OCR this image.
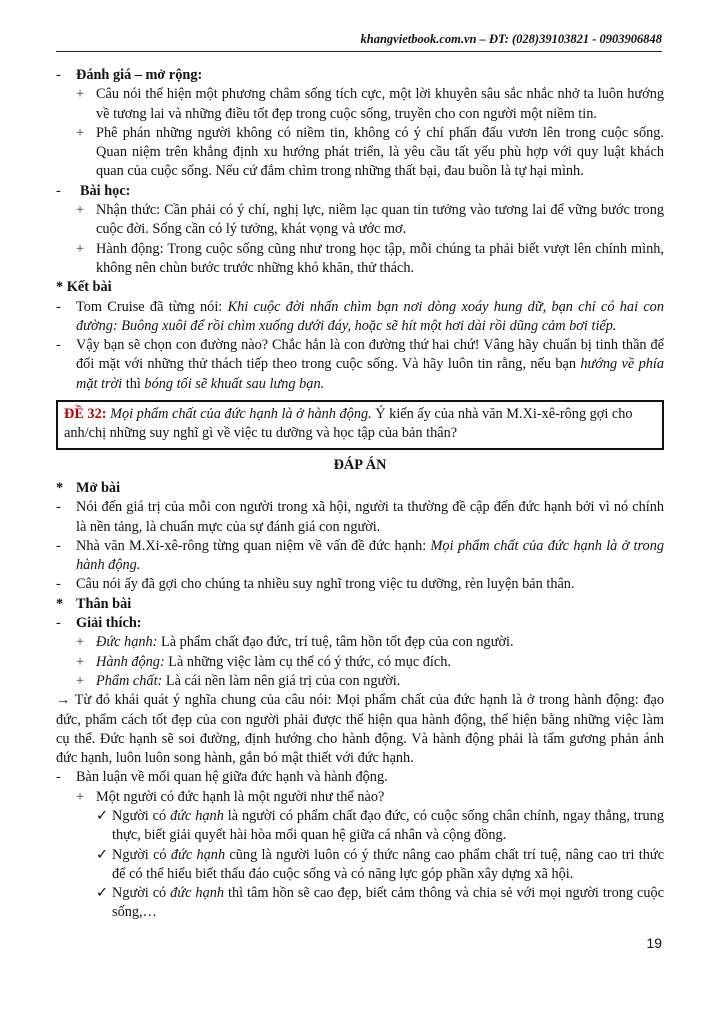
khangvietbook.com.vn – ĐT: (028)39103821 - 0903906848
- Đánh giá – mở rộng:
+ Câu nói thể hiện một phương châm sống tích cực, một lời khuyên sâu sắc nhắc nhở ta luôn hướng về tương lai và những điều tốt đẹp trong cuộc sống, truyền cho con người một niềm tin.
+ Phê phán những người không có niềm tin, không có ý chí phấn đấu vươn lên trong cuộc sống. Quan niệm trên khẳng định xu hướng phát triển, là yêu cầu tất yếu phù hợp với quy luật khách quan của cuộc sống. Nếu cứ đắm chìm trong những thất bại, đau buồn là tự hại mình.
- Bài học:
+ Nhận thức: Cần phải có ý chí, nghị lực, niềm lạc quan tin tưởng vào tương lai để vững bước trong cuộc đời. Sống cần có lý tưởng, khát vọng và ước mơ.
+ Hành động: Trong cuộc sống cũng như trong học tập, mỗi chúng ta phải biết vượt lên chính mình, không nên chùn bước trước những khó khăn, thử thách.
* Kết bài
- Tom Cruise đã từng nói: Khi cuộc đời nhấn chìm bạn nơi dòng xoáy hung dữ, bạn chỉ có hai con đường: Buông xuôi để rồi chìm xuống dưới đáy, hoặc sẽ hít một hơi dài rồi dũng cảm bơi tiếp.
- Vậy bạn sẽ chọn con đường nào? Chắc hẳn là con đường thứ hai chứ! Vâng hãy chuẩn bị tinh thần để đối mặt với những thử thách tiếp theo trong cuộc sống. Và hãy luôn tin rằng, nếu bạn hướng về phía mặt trời thì bóng tối sẽ khuất sau lưng bạn.
ĐỀ 32: Mọi phẩm chất của đức hạnh là ở hành động. Ý kiến ấy của nhà văn M.Xi-xê-rông gợi cho anh/chị những suy nghĩ gì về việc tu dưỡng và học tập của bản thân?
ĐÁP ÁN
* Mở bài
- Nói đến giá trị của mỗi con người trong xã hội, người ta thường đề cập đến đức hạnh bởi vì nó chính là nền tảng, là chuẩn mực của sự đánh giá con người.
- Nhà văn M.Xi-xê-rông từng quan niệm về vấn đề đức hạnh: Mọi phẩm chất của đức hạnh là ở trong hành động.
- Câu nói ấy đã gợi cho chúng ta nhiều suy nghĩ trong việc tu dưỡng, rèn luyện bản thân.
* Thân bài
- Giải thích:
+ Đức hạnh: Là phẩm chất đạo đức, trí tuệ, tâm hồn tốt đẹp của con người.
+ Hành động: Là những việc làm cụ thể có ý thức, có mục đích.
+ Phẩm chất: Là cái nền làm nên giá trị của con người.
→ Từ đó khái quát ý nghĩa chung của câu nói: Mọi phẩm chất của đức hạnh là ở trong hành động: đạo đức, phẩm cách tốt đẹp của con người phải được thể hiện qua hành động, thể hiện bằng những việc làm cụ thể. Đức hạnh sẽ soi đường, định hướng cho hành động. Và hành động phải là tấm gương phản ánh đức hạnh, luôn luôn song hành, gắn bó mật thiết với đức hạnh.
- Bàn luận về mối quan hệ giữa đức hạnh và hành động.
+ Một người có đức hạnh là một người như thế nào?
✓ Người có đức hạnh là người có phẩm chất đạo đức, có cuộc sống chân chính, ngay thẳng, trung thực, biết giải quyết hài hòa mối quan hệ giữa cá nhân và cộng đồng.
✓ Người có đức hạnh cũng là người luôn có ý thức nâng cao phẩm chất trí tuệ, nâng cao tri thức để có thể hiểu biết thấu đáo cuộc sống và có năng lực góp phần xây dựng xã hội.
✓ Người có đức hạnh thì tâm hồn sẽ cao đẹp, biết cảm thông và chia sẻ với mọi người trong cuộc sống,…
19
